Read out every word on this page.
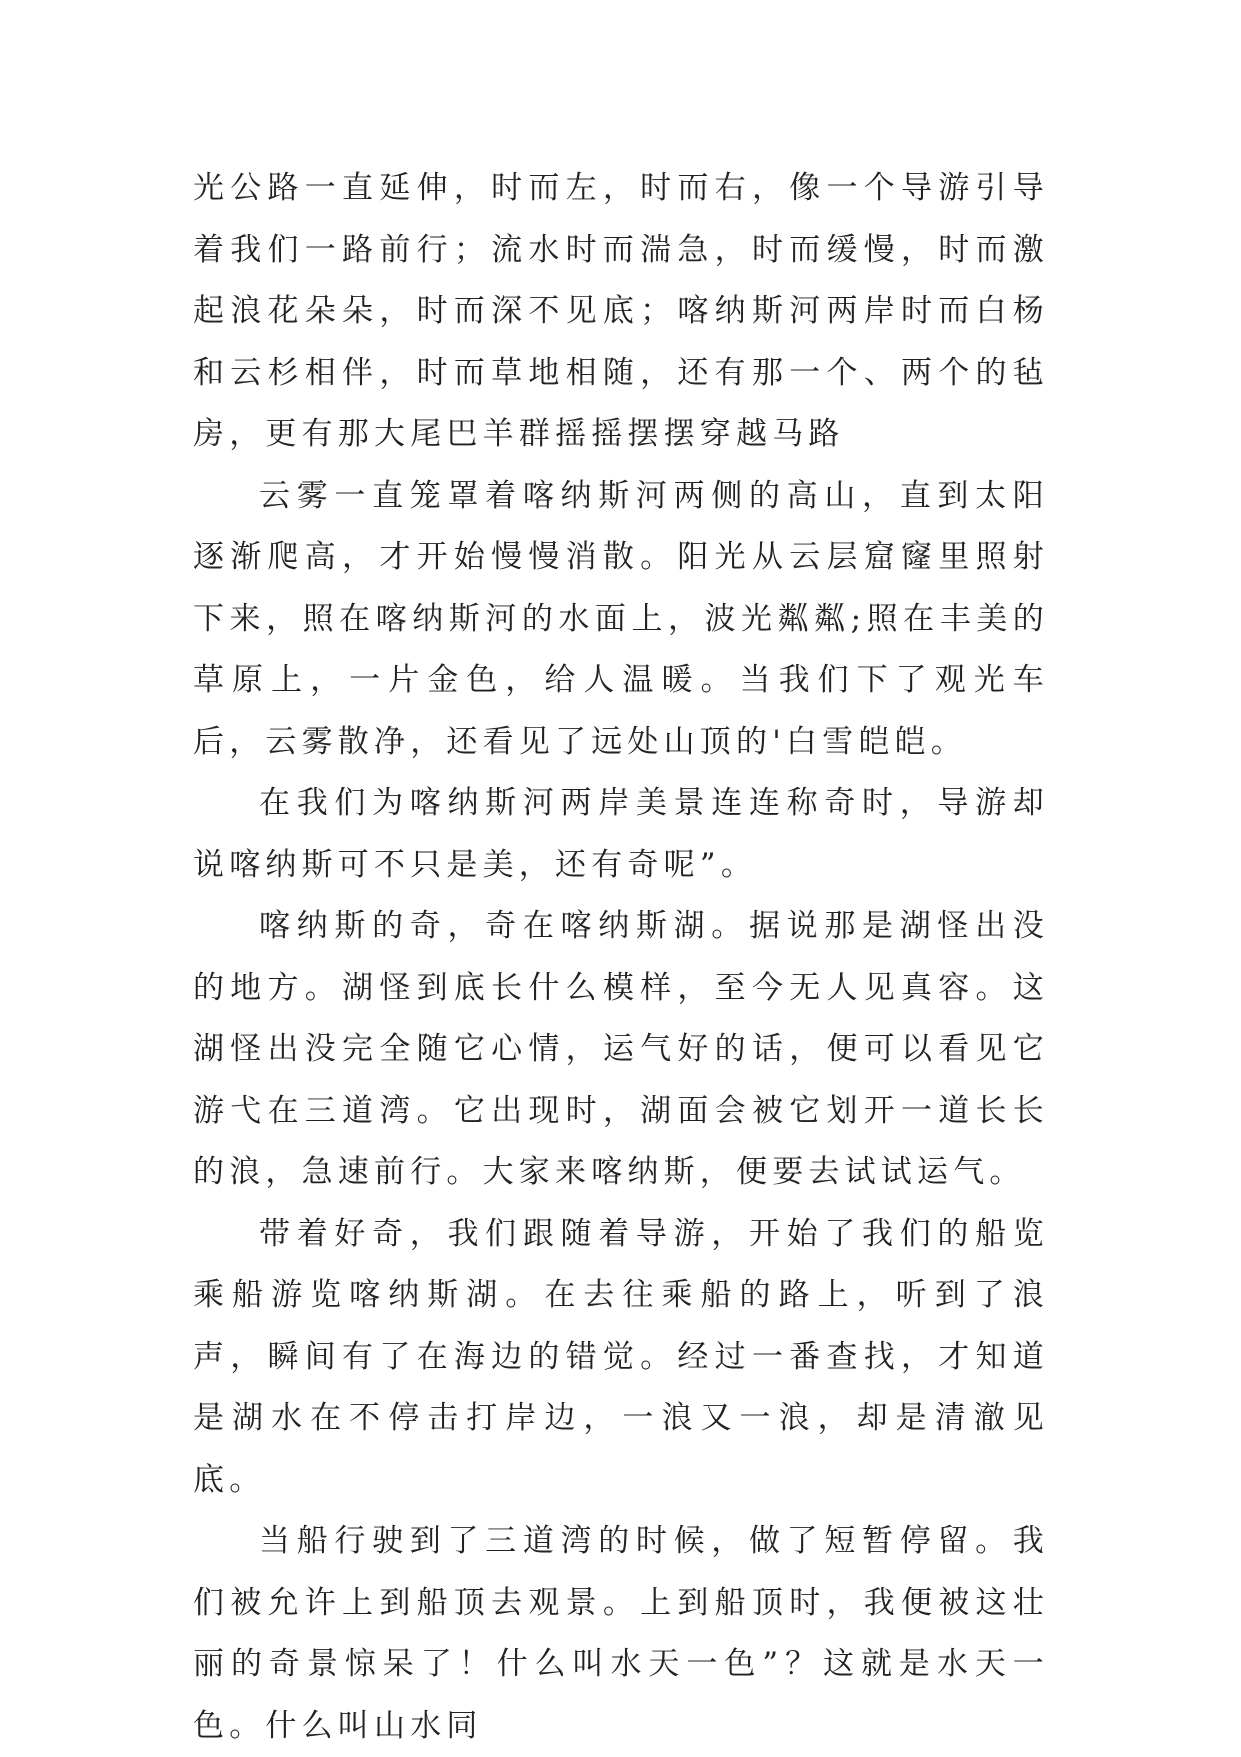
光公路一直延伸，时而左，时而右，像一个导游引导着我们一路前行；流水时而湍急，时而缓慢，时而激起浪花朵朵，时而深不见底；喀纳斯河两岸时而白杨和云杉相伴，时而草地相随，还有那一个、两个的毡房，更有那大尾巴羊群摇摇摆摆穿越马路

云雾一直笼罩着喀纳斯河两侧的高山，直到太阳逐渐爬高，才开始慢慢消散。阳光从云层窟窿里照射下来，照在喀纳斯河的水面上，波光粼粼;照在丰美的草原上，一片金色，给人温暖。当我们下了观光车后，云雾散净，还看见了远处山顶的'白雪皑皑。

在我们为喀纳斯河两岸美景连连称奇时，导游却说喀纳斯可不只是美，还有奇呢”。

喀纳斯的奇，奇在喀纳斯湖。据说那是湖怪出没的地方。湖怪到底长什么模样，至今无人见真容。这湖怪出没完全随它心情，运气好的话，便可以看见它游弋在三道湾。它出现时，湖面会被它划开一道长长的浪，急速前行。大家来喀纳斯，便要去试试运气。

带着好奇，我们跟随着导游，开始了我们的船览乘船游览喀纳斯湖。在去往乘船的路上，听到了浪声，瞬间有了在海边的错觉。经过一番查找，才知道是湖水在不停击打岸边，一浪又一浪，却是清澈见底。

当船行驶到了三道湾的时候，做了短暂停留。我们被允许上到船顶去观景。上到船顶时，我便被这壮丽的奇景惊呆了！什么叫水天一色”？这就是水天一色。什么叫山水同
